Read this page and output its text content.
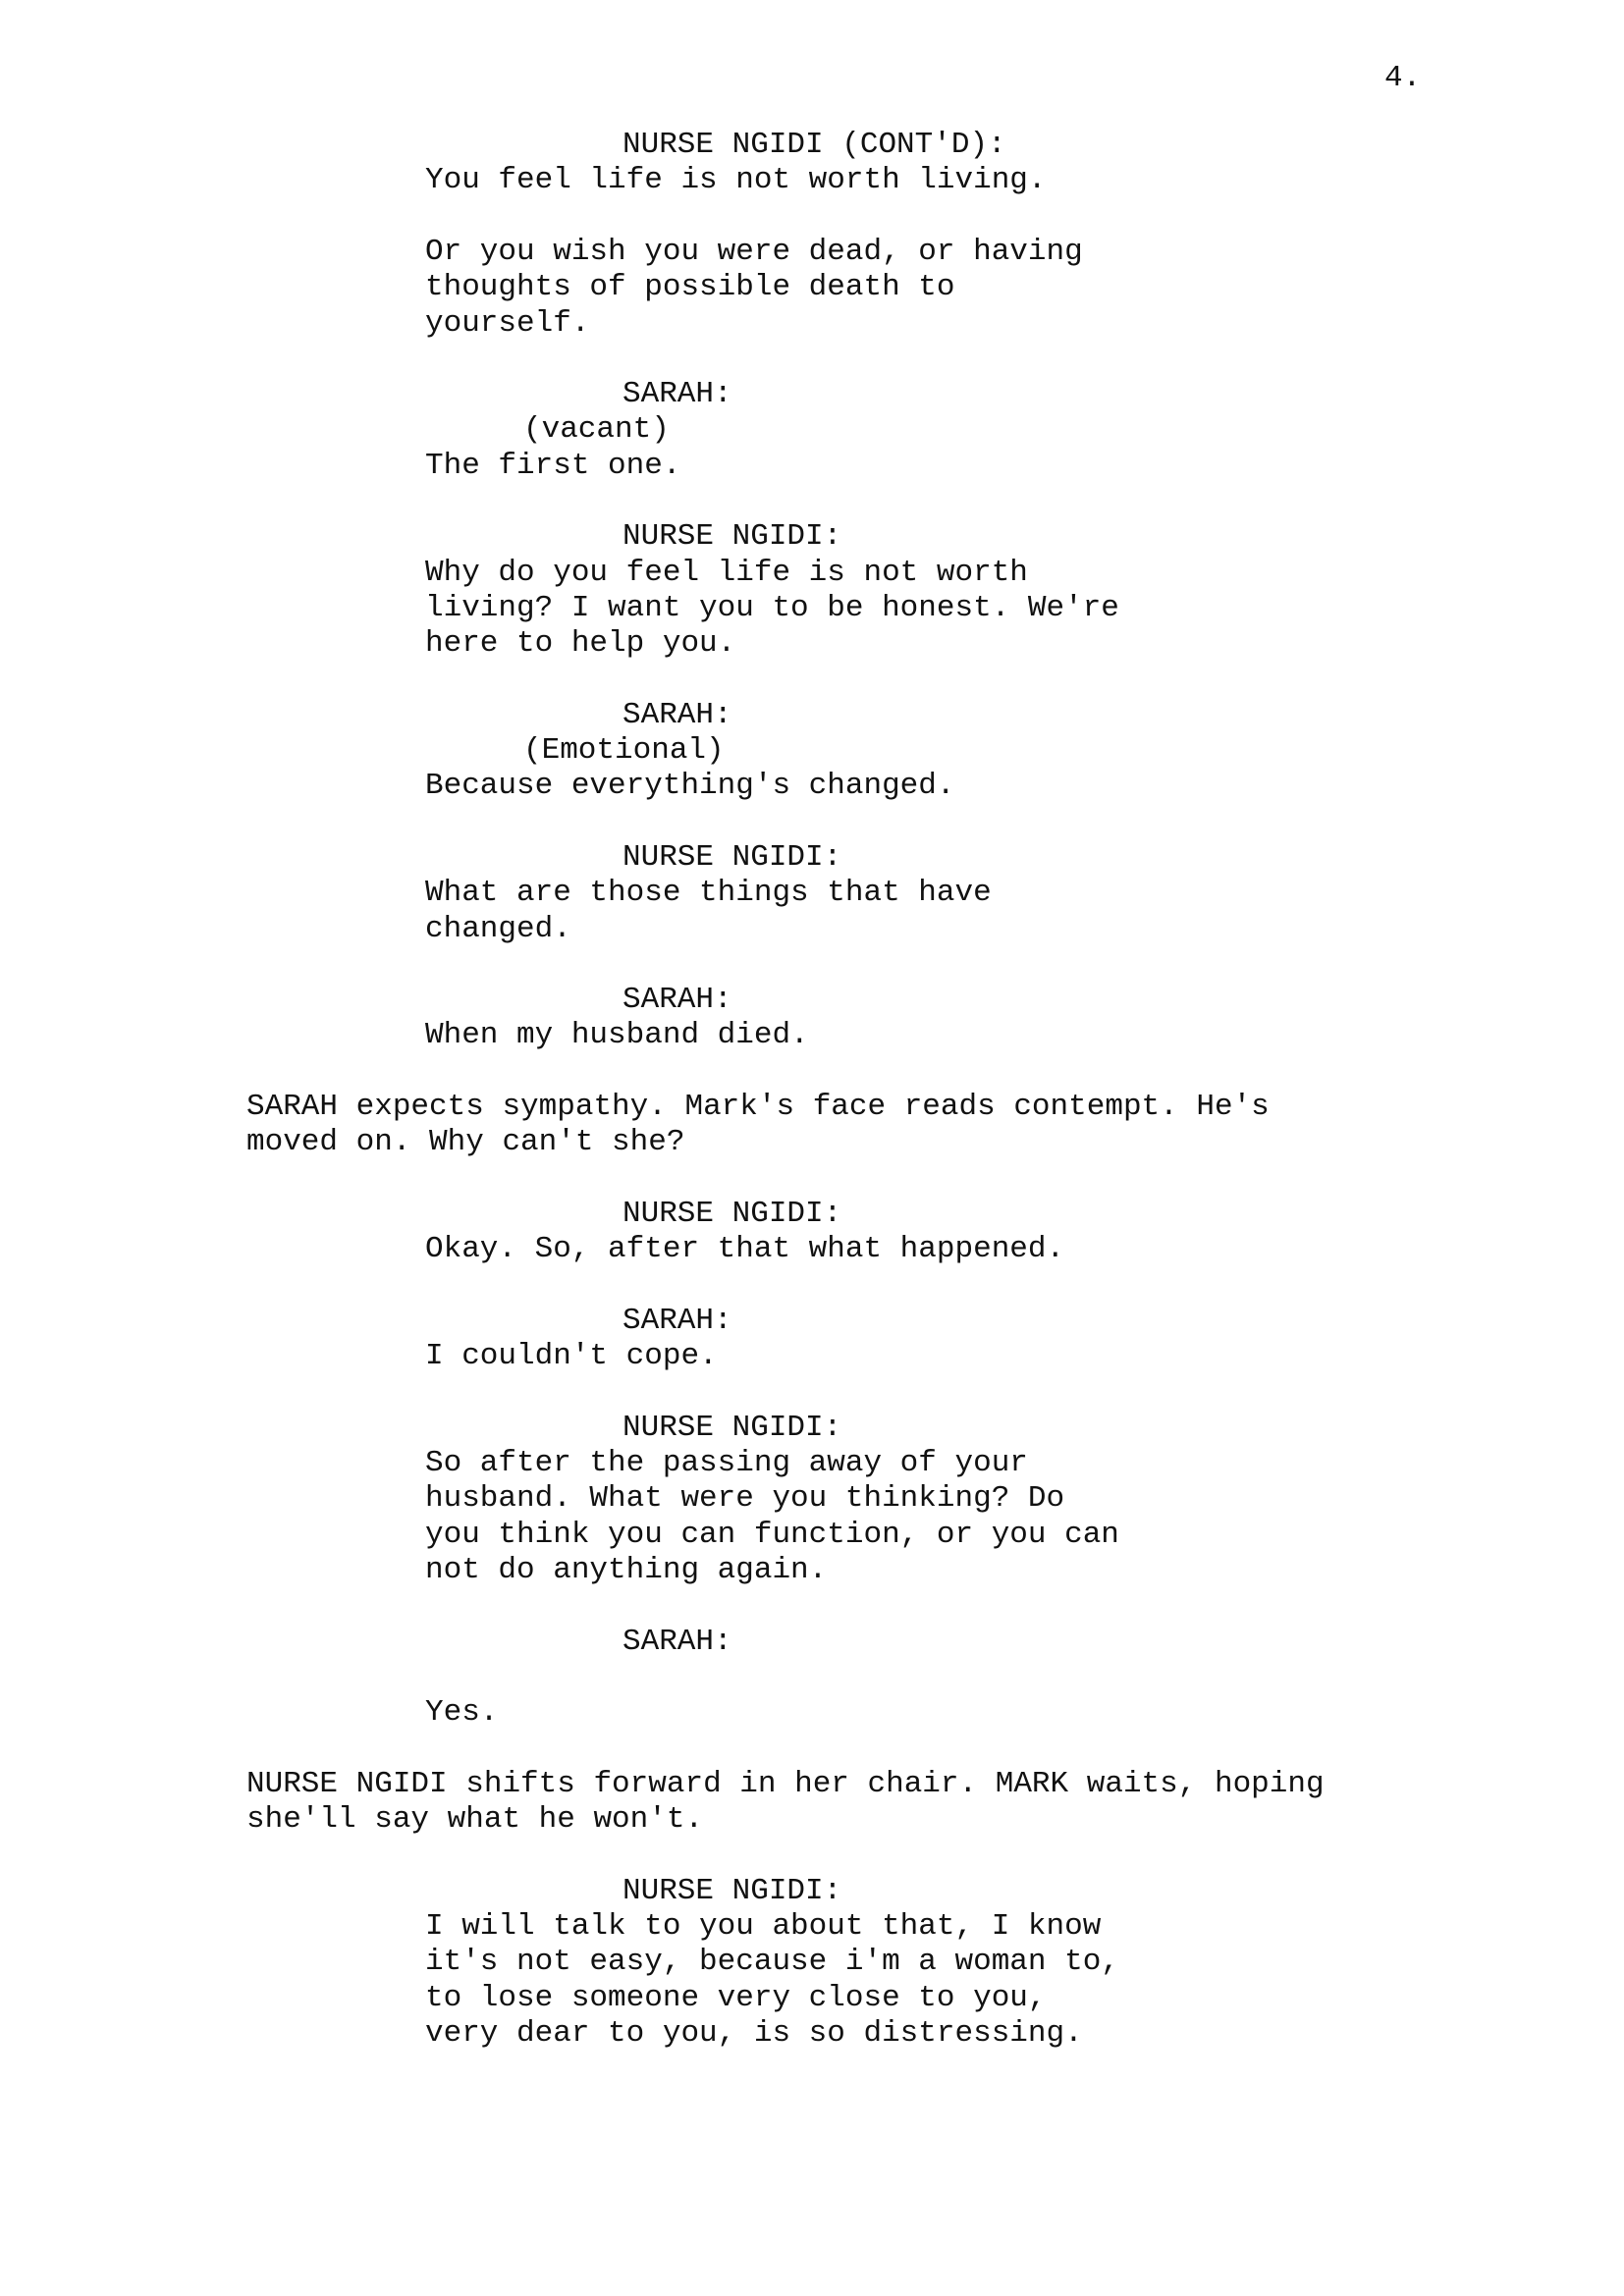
4.
NURSE NGIDI (CONT'D):
You feel life is not worth living.
Or you wish you were dead, or having
thoughts of possible death to
yourself.
SARAH:
(vacant)
The first one.
NURSE NGIDI:
Why do you feel life is not worth
living? I want you to be honest. We're
here to help you.
SARAH:
(Emotional)
Because everything's changed.
NURSE NGIDI:
What are those things that have
changed.
SARAH:
When my husband died.
SARAH expects sympathy. Mark's face reads contempt. He's
moved on. Why can't she?
NURSE NGIDI:
Okay. So, after that what happened.
SARAH:
I couldn't cope.
NURSE NGIDI:
So after the passing away of your
husband. What were you thinking? Do
you think you can function, or you can
not do anything again.
SARAH:
Yes.
NURSE NGIDI shifts forward in her chair. MARK waits, hoping
she'll say what he won't.
NURSE NGIDI:
I will talk to you about that, I know
it's not easy, because i'm a woman to,
to lose someone very close to you,
very dear to you, is so distressing.
